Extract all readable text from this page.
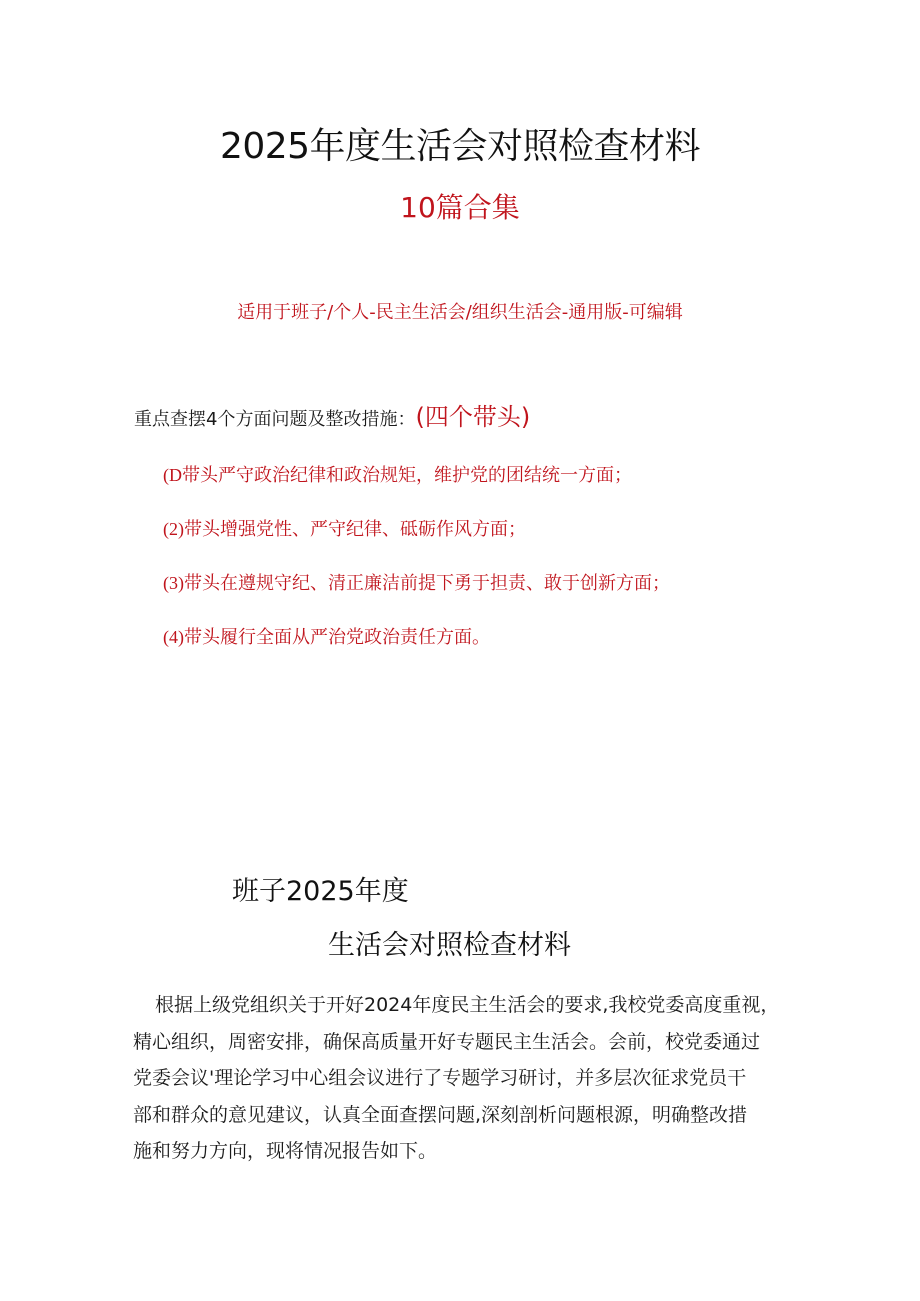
2025年度生活会对照检查材料
10篇合集
适用于班子/个人-民主生活会/组织生活会-通用版-可编辑
重点查摆4个方面问题及整改措施：(四个带头)
(D带头严守政治纪律和政治规矩，维护党的团结统一方面；
(2)带头增强党性、严守纪律、砥砺作风方面；
(3)带头在遵规守纪、清正廉洁前提下勇于担责、敢于创新方面；
(4)带头履行全面从严治党政治责任方面。
班子2025年度
生活会对照检查材料
根据上级党组织关于开好2024年度民主生活会的要求,我校党委高度重视，
精心组织，周密安排，确保高质量开好专题民主生活会。会前，校党委通过
党委会议'理论学习中心组会议进行了专题学习研讨，并多层次征求党员干
部和群众的意见建议，认真全面查摆问题,深刻剖析问题根源，明确整改措
施和努力方向，现将情况报告如下。
